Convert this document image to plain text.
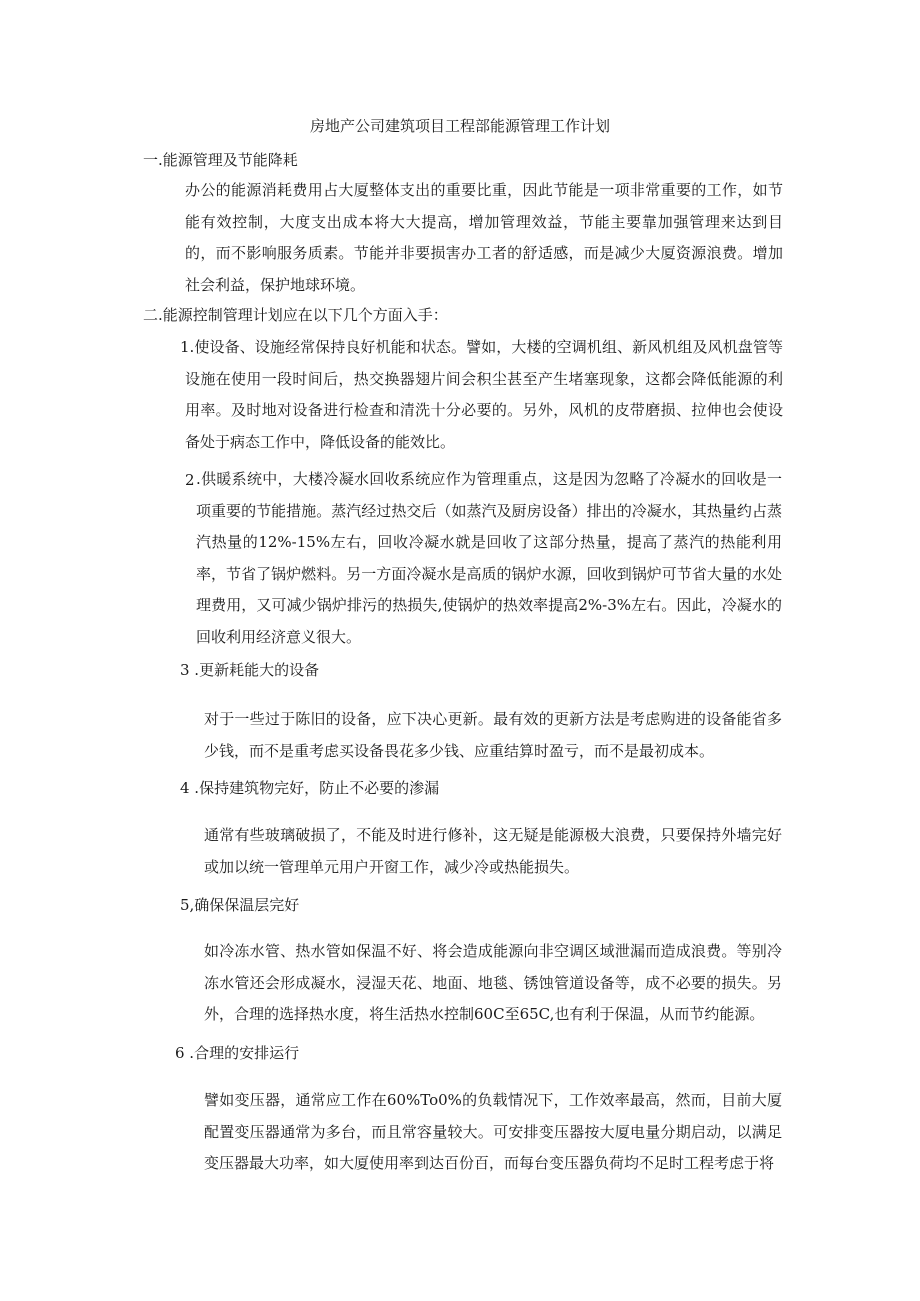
房地产公司建筑项目工程部能源管理工作计划
一.能源管理及节能降耗

办公的能源消耗费用占大厦整体支出的重要比重，因此节能是一项非常重要的工作，如节能有效控制，大度支出成本将大大提高，增加管理效益，节能主要靠加强管理来达到目的，而不影响服务质素。节能并非要损害办工者的舒适感，而是减少大厦资源浪费。增加社会利益，保护地球环境。

二.能源控制管理计划应在以下几个方面入手：

1.使设备、设施经常保持良好机能和状态。譬如，大楼的空调机组、新风机组及风机盘管等设施在使用一段时间后，热交换器翅片间会积尘甚至产生堵塞现象，这都会降低能源的利用率。及时地对设备进行检查和清洗十分必要的。另外，风机的皮带磨损、拉伸也会使设备处于病态工作中，降低设备的能效比。

2 .供暖系统中，大楼冷凝水回收系统应作为管理重点，这是因为忽略了冷凝水的回收是一项重要的节能措施。蒸汽经过热交后（如蒸汽及厨房设备）排出的冷凝水，其热量约占蒸汽热量的12%-15%左右，回收冷凝水就是回收了这部分热量，提高了蒸汽的热能利用率，节省了锅炉燃料。另一方面冷凝水是高质的锅炉水源，回收到锅炉可节省大量的水处理费用，又可减少锅炉排污的热损失,使锅炉的热效率提高2%-3%左右。因此，冷凝水的回收利用经济意义很大。

3 .更新耗能大的设备

对于一些过于陈旧的设备，应下决心更新。最有效的更新方法是考虑购进的设备能省多少钱，而不是重考虑买设备畏花多少钱、应重结算时盈亏，而不是最初成本。

4 .保持建筑物完好，防止不必要的渗漏

通常有些玻璃破损了，不能及时进行修补，这无疑是能源极大浪费，只要保持外墙完好或加以统一管理单元用户开窗工作，减少冷或热能损失。

5,确保保温层完好

如冷冻水管、热水管如保温不好、将会造成能源向非空调区域泄漏而造成浪费。等别冷冻水管还会形成凝水，浸湿天花、地面、地毯、锈蚀管道设备等，成不必要的损失。另外，合理的选择热水度，将生活热水控制60C至65C,也有利于保温，从而节约能源。

6 .合理的安排运行

譬如变压器，通常应工作在60%To0%的负载情况下，工作效率最高，然而，目前大厦配置变压器通常为多台，而且常容量较大。可安排变压器按大厦电量分期启动，以满足变压器最大功率，如大厦使用率到达百份百，而每台变压器负荷均不足时工程考虑于将
